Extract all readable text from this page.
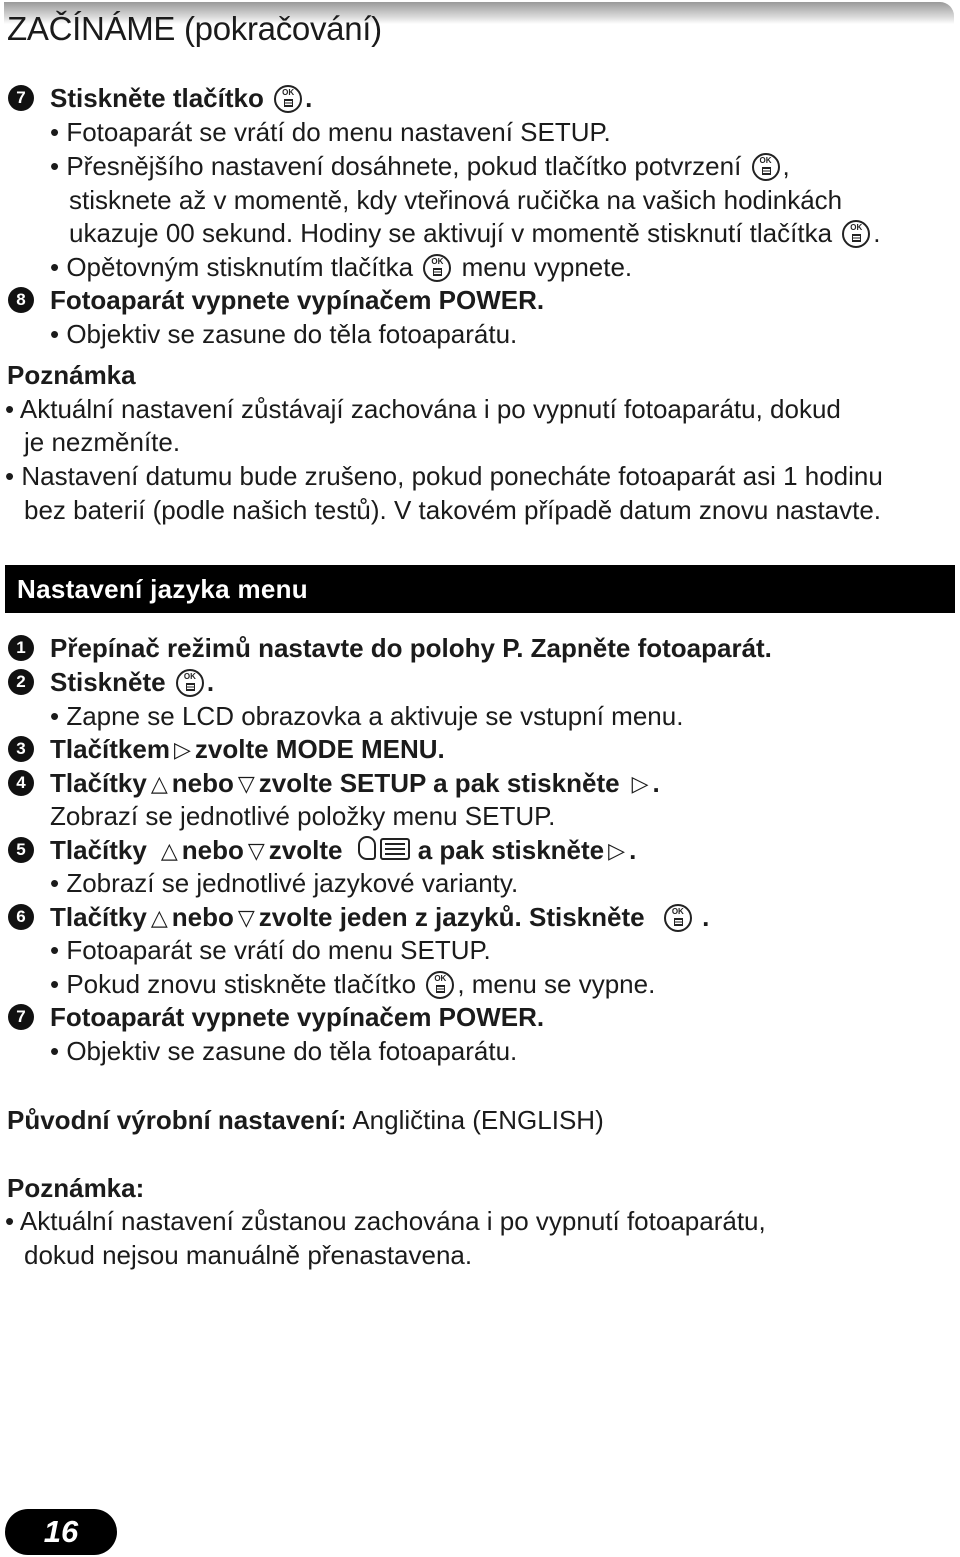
ZAČÍNÁME (pokračování)
7 Stiskněte tlačítko	OK .
• Fotoaparát se vrátí do menu nastavení SETUP.
• Přesnějšího nastavení dosáhnete, pokud tlačítko potvrzení	OK ,
stisknete až v momentě, kdy vteřinová ručička na vašich hodinkách
ukazuje 00 sekund. Hodiny se aktivují v momentě stisknutí tlačítka	OK .
• Opětovným stisknutím tlačítka	OK menu vypnete.
8 Fotoaparát vypnete vypínačem POWER.
• Objektiv se zasune do těla fotoaparátu.
Poznámka
• Aktuální nastavení zůstávají zachována i po vypnutí fotoaparátu, dokud
je nezměníte.
• Nastavení datumu bude zrušeno, pokud ponecháte fotoaparát asi 1 hodinu
bez baterií (podle našich testů). V takovém případě datum znovu nastavte.
Nastavení jazyka menu
1 Přepínač režimů nastavte do polohy P. Zapněte fotoaparát.
2 Stiskněte	OK .
• Zapne se LCD obrazovka a aktivuje se vstupní menu.
3 Tlačítkem ▷ zvolte MODE MENU.
4 Tlačítky △ nebo ▽ zvolte SETUP a pak stiskněte ▷ .
Zobrazí se jednotlivé položky menu SETUP.
5 Tlačítky △ nebo ▽ zvolte	a pak stiskněte ▷ .
• Zobrazí se jednotlivé jazykové varianty.
6 Tlačítky △ nebo ▽ zvolte jeden z jazyků. Stiskněte	OK .
• Fotoaparát se vrátí do menu SETUP.
• Pokud znovu stiskněte tlačítko	OK , menu se vypne.
7 Fotoaparát vypnete vypínačem POWER.
• Objektiv se zasune do těla fotoaparátu.
Původní výrobní nastavení: Angličtina (ENGLISH)
Poznámka:
• Aktuální nastavení zůstanou zachována i po vypnutí fotoaparátu,
dokud nejsou manuálně přenastavena.
16
